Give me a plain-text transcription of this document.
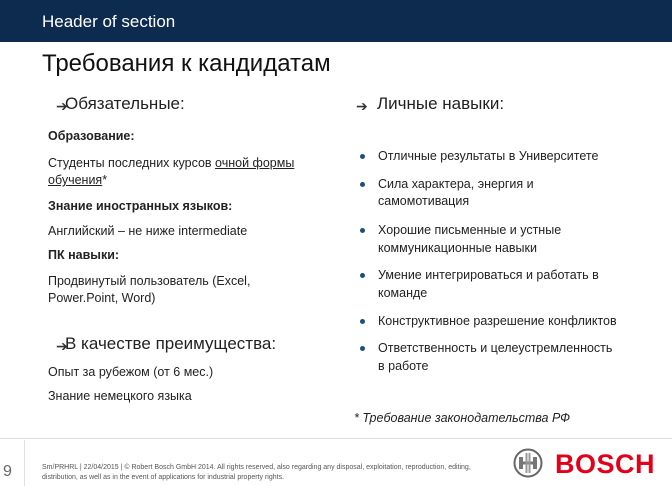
Header of section
Требования к кандидатам
➔
Обязательные:
Образование:
Студенты последних курсов очной формы
обучения*
Знание иностранных языков:
Английский – не ниже intermediate
ПК навыки:
Продвинутый пользователь (Excel,
Power.Point, Word)
➔
В качестве преимущества:
Опыт за рубежом (от 6 мес.)
Знание немецкого языка
➔ Личные навыки:
Отличные результаты в Университете
Сила характера, энергия и
самомотивация
Хорошие письменные и устные
коммуникационные навыки
Умение интегрироваться и работать в
команде
Конструктивное разрешение конфликтов
Ответственность и целеустремленность
в работе
* Требование законодательства РФ
9	Sm/PRHRL | 22/04/2015 | © Robert Bosch GmbH 2014. All rights reserved, also regarding any disposal, exploitation, reproduction, editing,
distribution, as well as in the event of applications for industrial property rights.	BOSCH
